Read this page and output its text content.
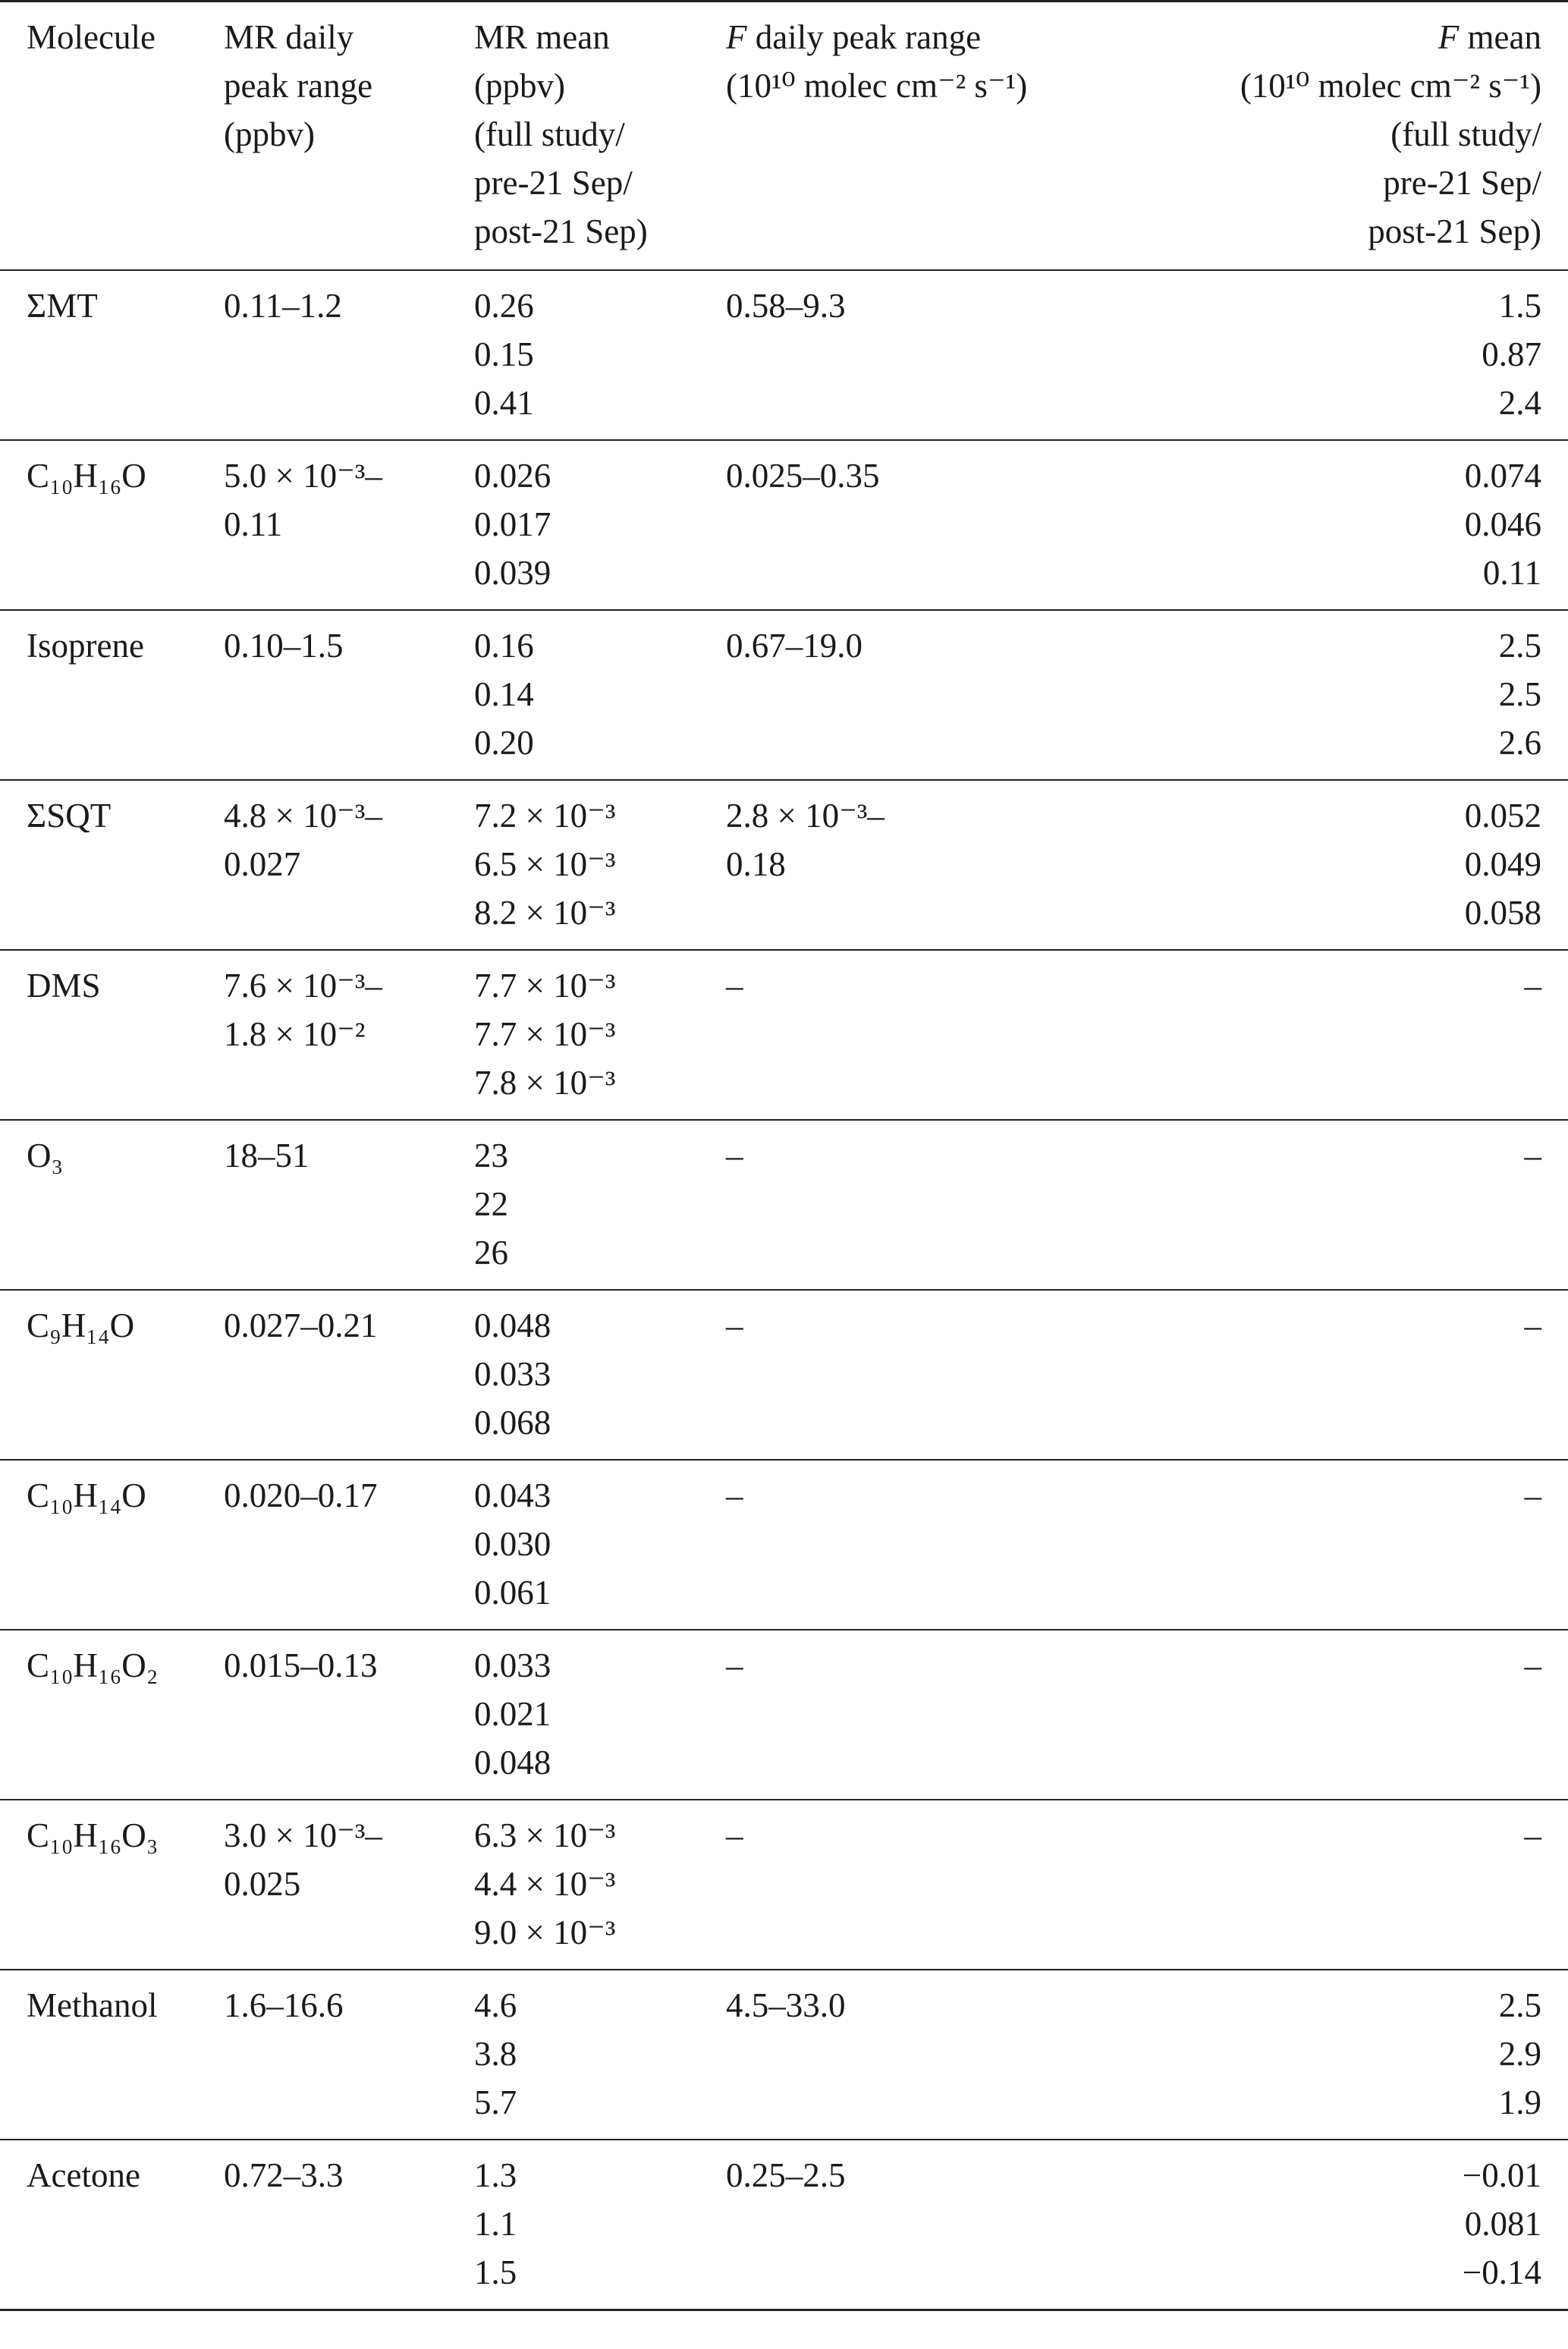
Molecule	MR daily
peak range
(ppbv)	MR mean
(ppbv)
(full study/
pre-21 Sep/
post-21 Sep)	F daily peak range
(10¹⁰ molec cm⁻² s⁻¹)	F mean
(10¹⁰ molec cm⁻² s⁻¹)
(full study/
pre-21 Sep/
post-21 Sep)

ΣMT	0.11–1.2	0.26
0.15
0.41	0.58–9.3	1.5
0.87
2.4

C₁₀H₁₆O	5.0 × 10⁻³–
0.11	0.026
0.017
0.039	0.025–0.35	0.074
0.046
0.11

Isoprene	0.10–1.5	0.16
0.14
0.20	0.67–19.0	2.5
2.5
2.6

ΣSQT	4.8 × 10⁻³–
0.027	7.2 × 10⁻³
6.5 × 10⁻³
8.2 × 10⁻³	2.8 × 10⁻³–
0.18	0.052
0.049
0.058

DMS	7.6 × 10⁻³–
1.8 × 10⁻²	7.7 × 10⁻³
7.7 × 10⁻³
7.8 × 10⁻³	–	–

O₃	18–51	23
22
26	–	–

C₉H₁₄O	0.027–0.21	0.048
0.033
0.068	–	–

C₁₀H₁₄O	0.020–0.17	0.043
0.030
0.061	–	–

C₁₀H₁₆O₂	0.015–0.13	0.033
0.021
0.048	–	–

C₁₀H₁₆O₃	3.0 × 10⁻³–
0.025	6.3 × 10⁻³
4.4 × 10⁻³
9.0 × 10⁻³	–	–

Methanol	1.6–16.6	4.6
3.8
5.7	4.5–33.0	2.5
2.9
1.9

Acetone	0.72–3.3	1.3
1.1
1.5	0.25–2.5	−0.01
0.081
−0.14
